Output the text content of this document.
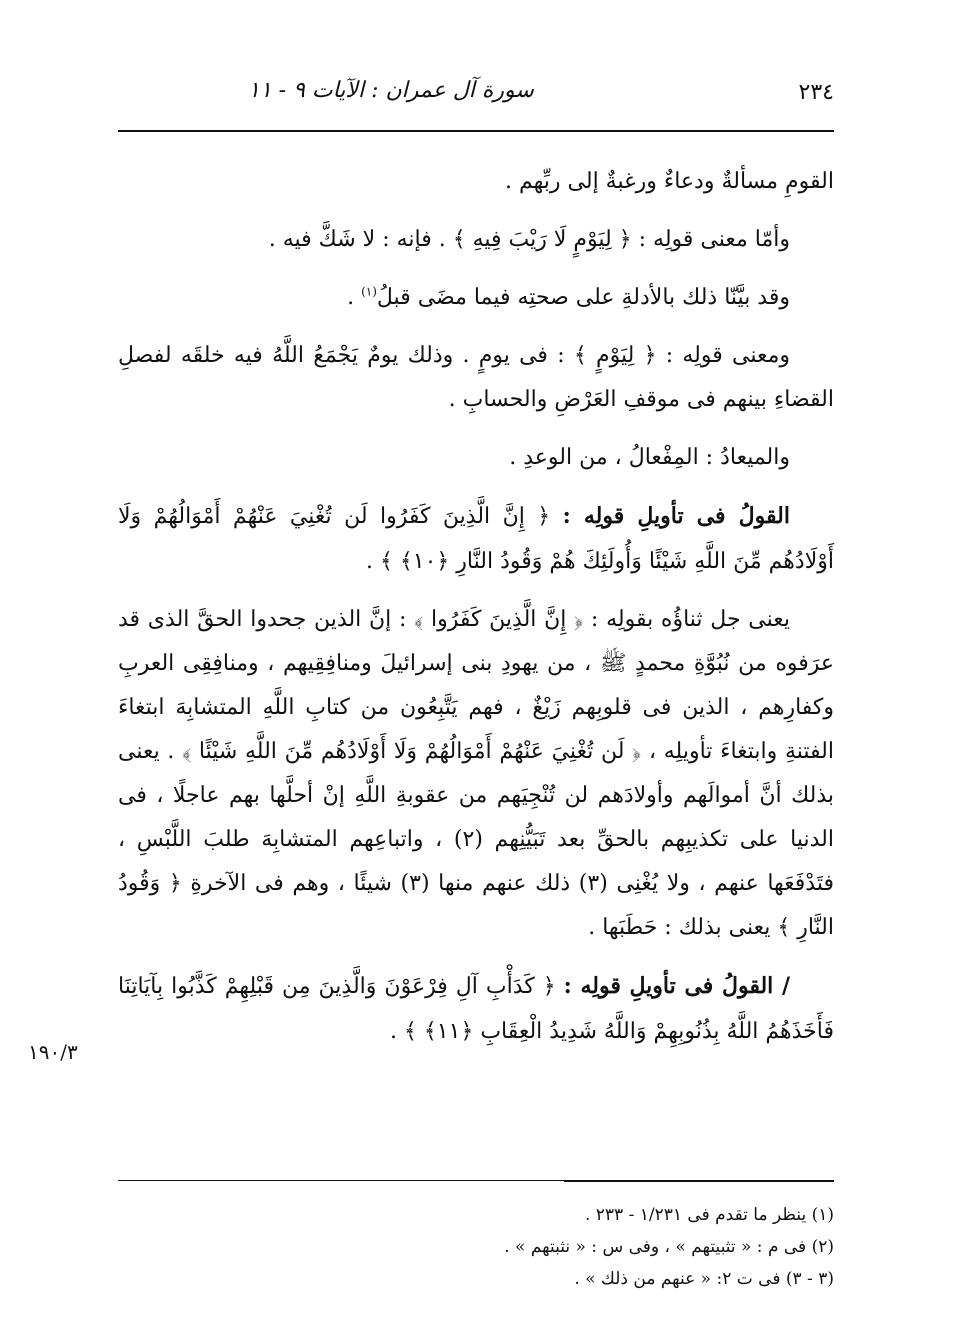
٢٣٤
سورة آل عمران : الآيات ٩ - ١١

القومِ مسألةٌ ودعاءٌ ورغبةٌ إلى ربِّهم .

وأمّا معنى قولِه : ﴿ لِيَوْمٍ لَا رَيْبَ فِيهِ ﴾ . فإنه : لا شَكَّ فيه .

وقد بيَّنّا ذلك بالأدلةِ على صحتِه فيما مضَى قبلُ$^{(١)}$ .

ومعنى قولِه : ﴿ لِيَوْمٍ ﴾ : فى يومٍ . وذلك يومٌ يَجْمَعُ اللَّهُ فيه خلقَه لفصلِ القضاءِ بينهم فى موقفِ العَرْضِ والحسابِ .

والميعادُ : المِفْعالُ ، من الوعدِ .

القولُ فى تأويلِ قولِه : ﴿ إِنَّ الَّذِينَ كَفَرُوا لَن تُغْنِيَ عَنْهُمْ أَمْوَالُهُمْ وَلَا أَوْلَادُهُم مِّنَ اللَّهِ شَيْئًا وَأُولَئِكَ هُمْ وَقُودُ النَّارِ ﴿١٠﴾ ﴾ .

يعنى جل ثناؤُه بقولِه : ﴿ إِنَّ الَّذِينَ كَفَرُوا ﴾ : إنَّ الذين جحدوا الحقَّ الذى قد عرَفوه من نُبُوَّةِ محمدٍ ﷺ ، من يهودِ بنى إسرائيلَ ومنافِقِيهم ، ومنافِقِى العربِ وكفارِهم ، الذين فى قلوبِهم زَيْغٌ ، فهم يَتَّبِعُون من كتابِ اللَّهِ المتشابِهَ ابتغاءَ الفتنةِ وابتغاءَ تأويلِه ، ﴿ لَن تُغْنِيَ عَنْهُمْ أَمْوَالُهُمْ وَلَا أَوْلَادُهُم مِّنَ اللَّهِ شَيْئًا ﴾ . يعنى بذلك أنَّ أموالَهم وأولادَهم لن تُنْجِيَهم من عقوبةِ اللَّهِ إنْ أحلَّها بهم عاجلًا ، فى الدنيا على تكذيبِهم بالحقِّ بعد تَبَيُّنِهم (٢) ، واتباعِهم المتشابِهَ طلبَ اللَّبْسِ ، فتَدْفَعَها عنهم ، ولا يُغْنِى (٣) ذلك عنهم منها (٣) شيئًا ، وهم فى الآخرةِ ﴿ وَقُودُ النَّارِ ﴾ يعنى بذلك : حَطَبَها .

/ القولُ فى تأويلِ قولِه : ﴿ كَدَأْبِ آلِ فِرْعَوْنَ وَالَّذِينَ مِن قَبْلِهِمْ كَذَّبُوا بِآيَاتِنَا فَأَخَذَهُمُ اللَّهُ بِذُنُوبِهِمْ وَاللَّهُ شَدِيدُ الْعِقَابِ ﴿١١﴾ ﴾ .

١٩٠/٣

(١) ينظر ما تقدم فى ١/٢٣١ - ٢٣٣ .

(٢) فى م : « تثبيتهم » ، وفى س : « نثبتهم » .

(٣ - ٣) فى ت ٢: « عنهم من ذلك » .
